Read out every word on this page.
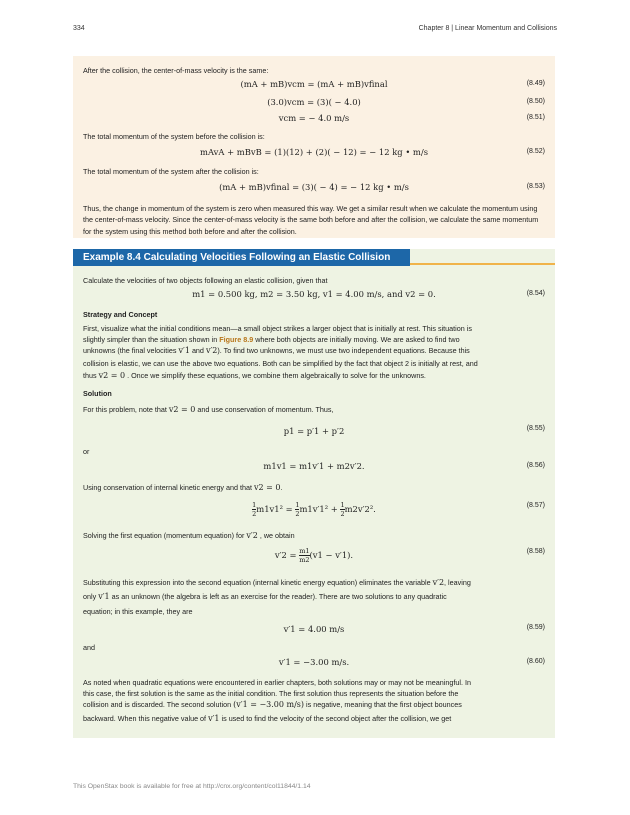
334	Chapter 8 | Linear Momentum and Collisions
After the collision, the center-of-mass velocity is the same:
(mA + mB)vcm = (mA + mB)vfinal	(8.49)
(3.0)vcm = (3)( − 4.0)	(8.50)
vcm = − 4.0 m/s	(8.51)
The total momentum of the system before the collision is:
mAvA + mBvB = (1)(12) + (2)( − 12) = − 12 kg • m/s	(8.52)
The total momentum of the system after the collision is:
(mA + mB)vfinal = (3)( − 4) = − 12 kg • m/s	(8.53)
Thus, the change in momentum of the system is zero when measured this way. We get a similar result when we calculate the momentum using the center-of-mass velocity. Since the center-of-mass velocity is the same both before and after the collision, we calculate the same momentum for the system using this method both before and after the collision.
Example 8.4 Calculating Velocities Following an Elastic Collision
Calculate the velocities of two objects following an elastic collision, given that
m1 = 0.500 kg, m2 = 3.50 kg, v1 = 4.00 m/s, and v2 = 0.	(8.54)
Strategy and Concept
First, visualize what the initial conditions mean—a small object strikes a larger object that is initially at rest. This situation is
slightly simpler than the situation shown in Figure 8.9 where both objects are initially moving. We are asked to find two
unknowns (the final velocities v′1 and v′2). To find two unknowns, we must use two independent equations. Because this
collision is elastic, we can use the above two equations. Both can be simplified by the fact that object 2 is initially at rest, and
thus v2 = 0 . Once we simplify these equations, we combine them algebraically to solve for the unknowns.
Solution
For this problem, note that v2 = 0 and use conservation of momentum. Thus,
p1 = p′1 + p′2	(8.55)
or
m1v1 = m1v′1 + m2v′2.	(8.56)
Using conservation of internal kinetic energy and that v2 = 0.
$\frac{1}{2} m1v1^2 = \frac{1}{2} m1v'1^2 + \frac{1}{2} m2v'2^2$.	(8.57)
Solving the first equation (momentum equation) for v′2 , we obtain
$v'2 = \frac{m1}{m2} (v1 - v'1)$.	(8.58)
Substituting this expression into the second equation (internal kinetic energy equation) eliminates the variable v′2, leaving
only v′1 as an unknown (the algebra is left as an exercise for the reader). There are two solutions to any quadratic
equation; in this example, they are
v′1 = 4.00 m/s	(8.59)
and
v′1 = −3.00 m/s.	(8.60)
As noted when quadratic equations were encountered in earlier chapters, both solutions may or may not be meaningful. In
this case, the first solution is the same as the initial condition. The first solution thus represents the situation before the
collision and is discarded. The second solution (v′1 = −3.00 m/s) is negative, meaning that the first object bounces
backward. When this negative value of v′1 is used to find the velocity of the second object after the collision, we get
This OpenStax book is available for free at http://cnx.org/content/col11844/1.14
